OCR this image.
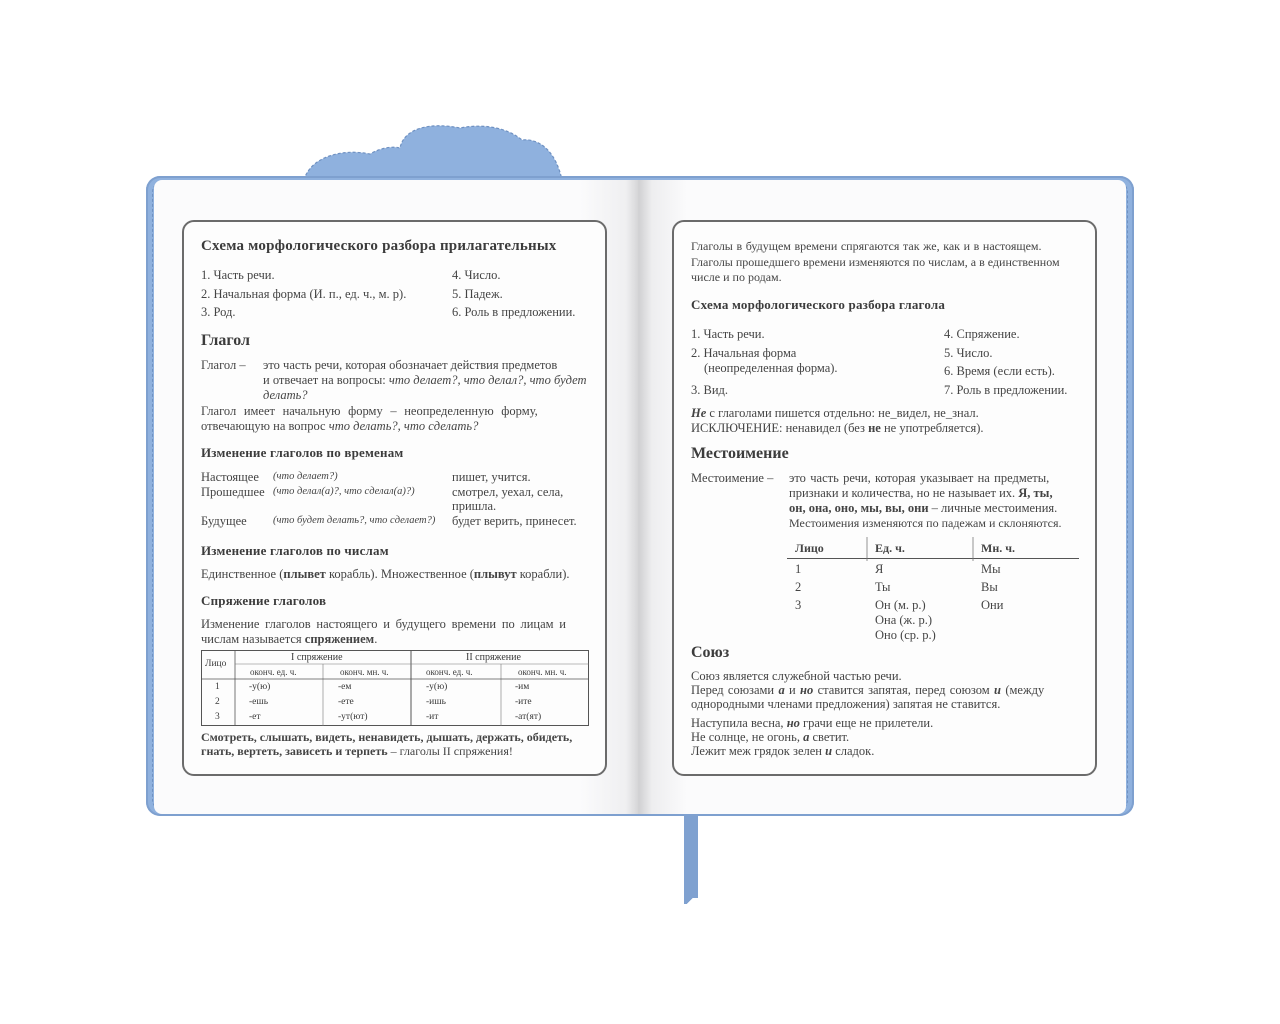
Схема морфологического разбора прилагательных
1. Часть речи.
2. Начальная форма (И. п., ед. ч., м. р).
3. Род.
4. Число.
5. Падеж.
6. Роль в предложении.
Глагол
Глагол – это часть речи, которая обозначает действия предметов
и отвечает на вопросы: что делает?, что делал?, что будет
делать?
Глагол имеет начальную форму – неопределенную форму,
отвечающую на вопрос что делать?, что сделать?
Изменение глаголов по временам
Настоящее (что делает?)	пишет, учится.
Прошедшее (что делал(а)?, что сделал(а)?)	смотрел, уехал, села,
пришла.
Будущее	(что будет делать?, что сделает?) будет верить, принесет.
Изменение глаголов по числам
Единственное (плывет корабль). Множественное (плывут корабли).
Спряжение глаголов
Изменение глаголов настоящего и будущего времени по лицам и
числам называется спряжением.
Лицо
I спряжение	II спряжение
оконч. ед. ч.	оконч. мн. ч.	оконч. ед. ч.	оконч. мн. ч.
1	-у(ю)	-ем	-у(ю)	-им
2	-ешь	-ете	-ишь	-ите
3	-ет	-ут(ют)	-ит	-ат(ят)
Смотреть, слышать, видеть, ненавидеть, дышать, держать, обидеть,
гнать, вертеть, зависеть и терпеть – глаголы II спряжения!
Глаголы в будущем времени спрягаются так же, как и в настоящем.
Глаголы прошедшего времени изменяются по числам, а в единственном
числе и по родам.
Схема морфологического разбора глагола
1. Часть речи.
2. Начальная форма
(неопределенная форма).
3. Вид.
4. Спряжение.
5. Число.
6. Время (если есть).
7. Роль в предложении.
Не с глаголами пишется отдельно: не_видел, не_знал.
ИСКЛЮЧЕНИЕ: ненавидел (без не не употребляется).
Местоимение
Местоимение – это часть речи, которая указывает на предметы,
признаки и количества, но не называет их. Я, ты,
он, она, оно, мы, вы, они – личные местоимения.
Местоимения изменяются по падежам и склоняются.
Лицо	Ед. ч.	Мн. ч.
1	Я	Мы
2	Ты	Вы
3	Он (м. р.)	Они
Она (ж. р.)
Оно (ср. р.)
Союз
Союз является служебной частью речи.
Перед союзами а и но ставится запятая, перед союзом и (между
однородными членами предложения) запятая не ставится.
Наступила весна, но грачи еще не прилетели.
Не солнце, не огонь, а светит.
Лежит меж грядок зелен и сладок.
